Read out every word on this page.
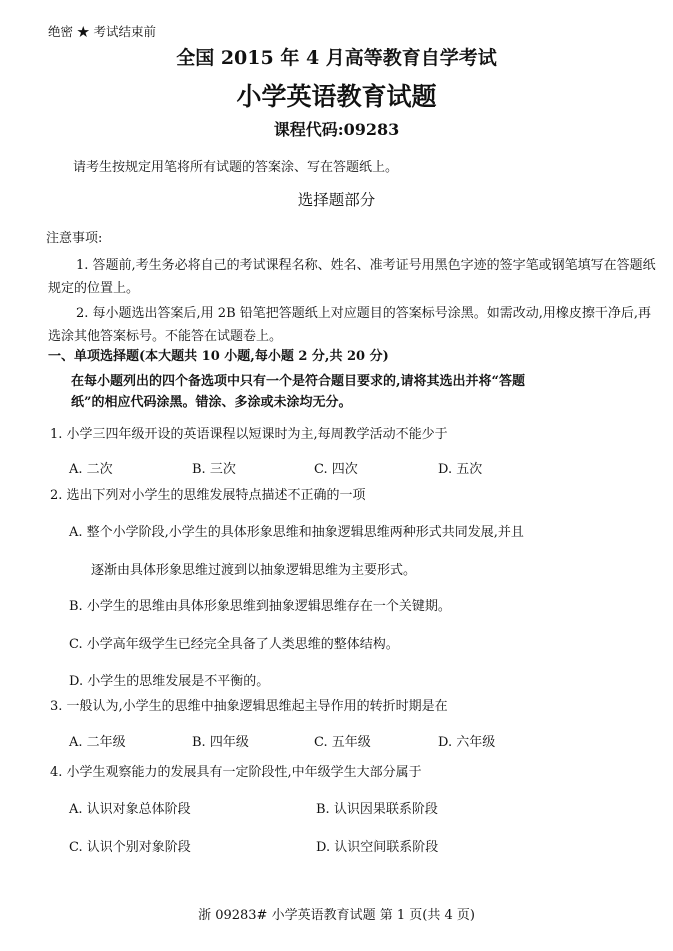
绝密 ★ 考试结束前
全国 2015 年 4 月高等教育自学考试
小学英语教育试题
课程代码:09283
请考生按规定用笔将所有试题的答案涂、写在答题纸上。
选择题部分
注意事项:
1. 答题前,考生务必将自己的考试课程名称、姓名、准考证号用黑色字迹的签字笔或钢笔填写在答题纸规定的位置上。
2. 每小题选出答案后,用 2B 铅笔把答题纸上对应题目的答案标号涂黑。如需改动,用橡皮擦干净后,再选涂其他答案标号。不能答在试题卷上。
一、单项选择题(本大题共 10 小题,每小题 2 分,共 20 分)
在每小题列出的四个备选项中只有一个是符合题目要求的,请将其选出并将“答题纸”的相应代码涂黑。错涂、多涂或未涂均无分。
1. 小学三四年级开设的英语课程以短课时为主,每周教学活动不能少于
A. 二次	B. 三次	C. 四次	D. 五次
2. 选出下列对小学生的思维发展特点描述不正确的一项
A. 整个小学阶段,小学生的具体形象思维和抽象逻辑思维两种形式共同发展,并且
逐渐由具体形象思维过渡到以抽象逻辑思维为主要形式。
B. 小学生的思维由具体形象思维到抽象逻辑思维存在一个关键期。
C. 小学高年级学生已经完全具备了人类思维的整体结构。
D. 小学生的思维发展是不平衡的。
3. 一般认为,小学生的思维中抽象逻辑思维起主导作用的转折时期是在
A. 二年级	B. 四年级	C. 五年级	D. 六年级
4. 小学生观察能力的发展具有一定阶段性,中年级学生大部分属于
A. 认识对象总体阶段	B. 认识因果联系阶段
C. 认识个别对象阶段	D. 认识空间联系阶段
浙 09283# 小学英语教育试题 第 1 页(共 4 页)
